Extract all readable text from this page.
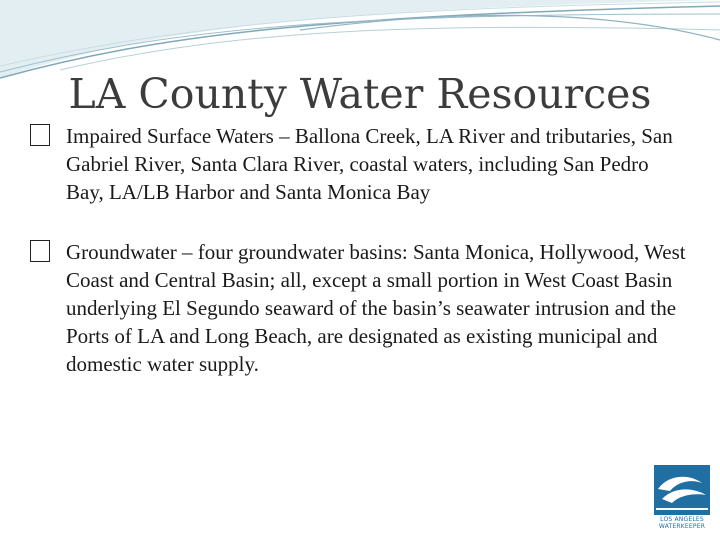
LA County Water Resources
Impaired Surface Waters – Ballona Creek, LA River and tributaries, San Gabriel River, Santa Clara River, coastal waters, including San Pedro Bay, LA/LB Harbor and Santa Monica Bay
Groundwater – four groundwater basins: Santa Monica, Hollywood, West Coast and Central Basin; all, except a small portion in West Coast Basin underlying El Segundo seaward of the basin’s seawater intrusion and the Ports of LA and Long Beach, are designated as existing municipal and domestic water supply.
LOS ANGELES
WATERKEEPER
